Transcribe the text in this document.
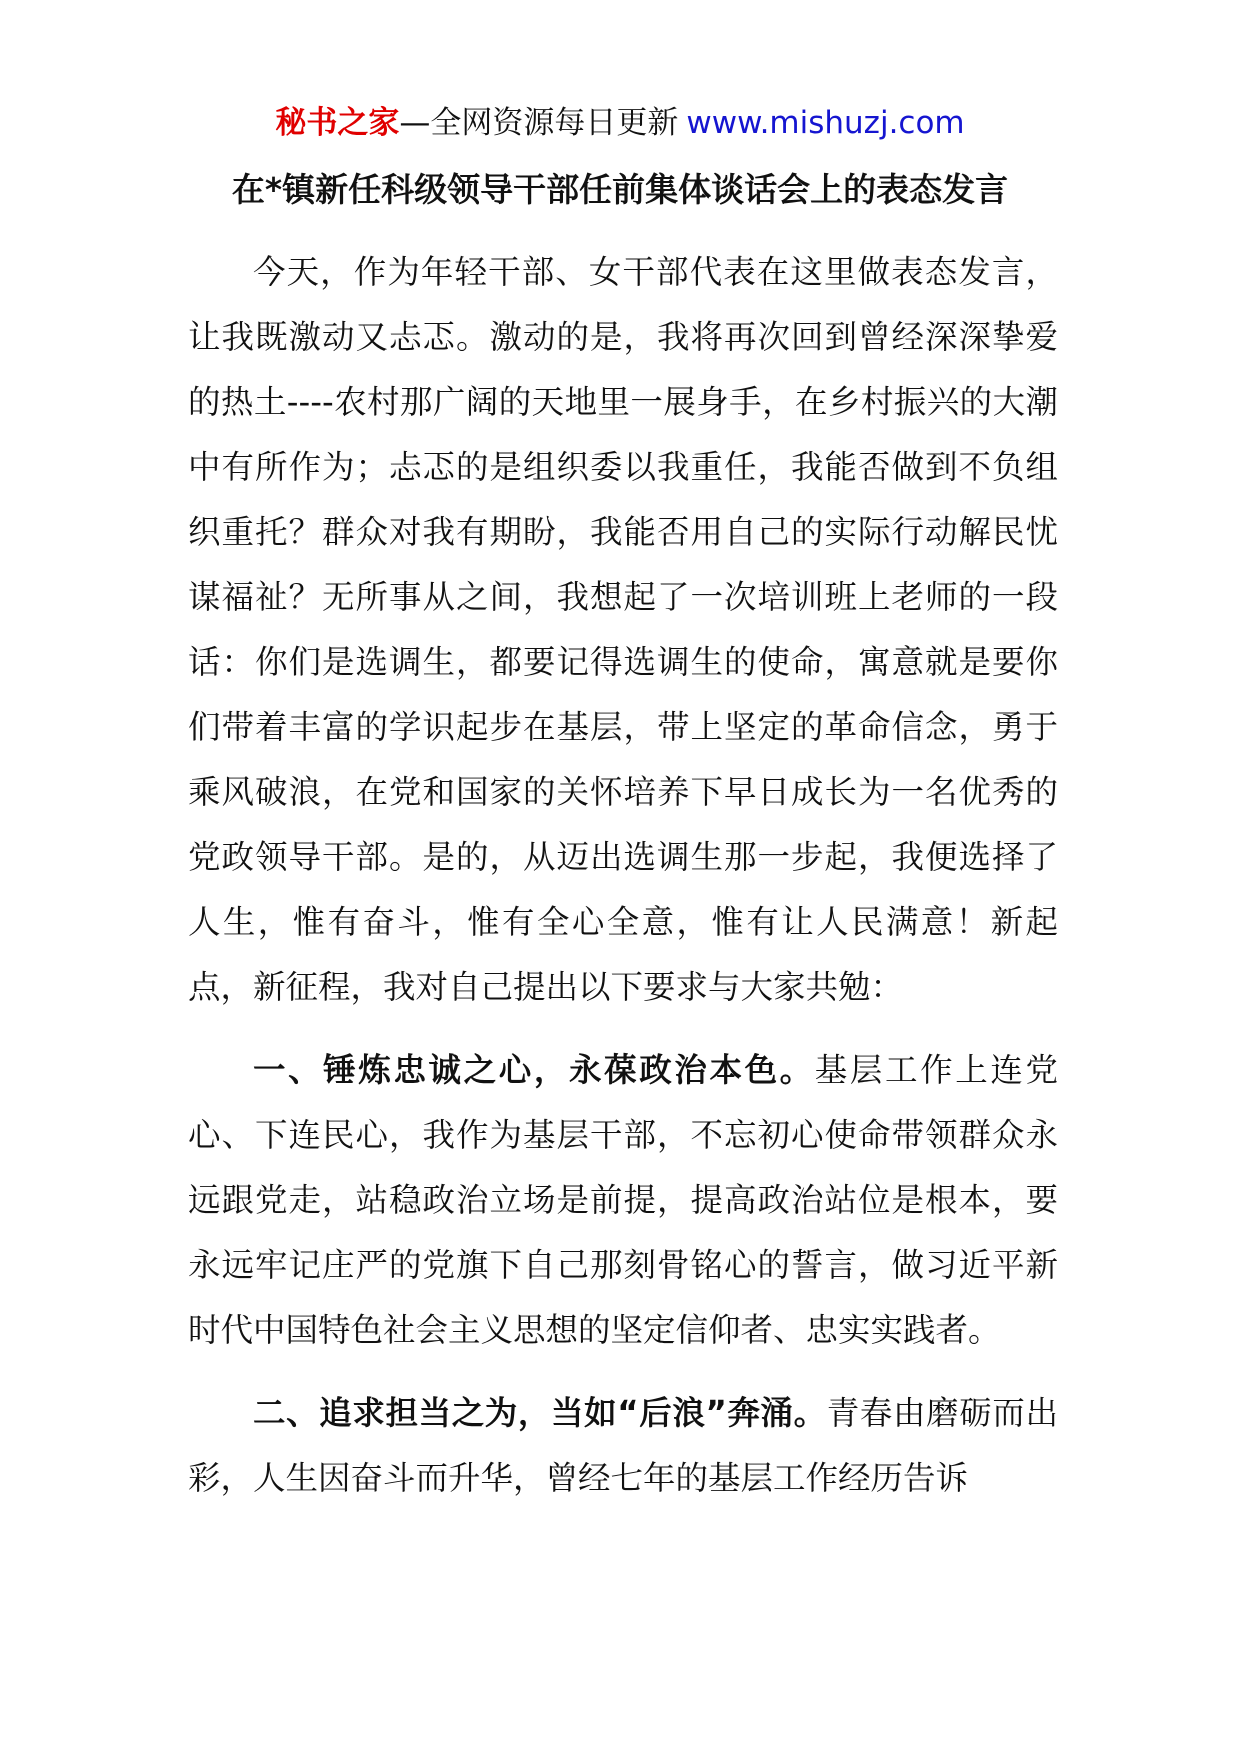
秘书之家—全网资源每日更新 www.mishuzj.com
在*镇新任科级领导干部任前集体谈话会上的表态发言

今天，作为年轻干部、女干部代表在这里做表态发言，让我既激动又忐忑。激动的是，我将再次回到曾经深深挚爱的热土----农村那广阔的天地里一展身手，在乡村振兴的大潮中有所作为；忐忑的是组织委以我重任，我能否做到不负组织重托？群众对我有期盼，我能否用自己的实际行动解民忧谋福祉？无所事从之间，我想起了一次培训班上老师的一段话：你们是选调生，都要记得选调生的使命，寓意就是要你们带着丰富的学识起步在基层，带上坚定的革命信念，勇于乘风破浪，在党和国家的关怀培养下早日成长为一名优秀的党政领导干部。是的，从迈出选调生那一步起，我便选择了人生，惟有奋斗，惟有全心全意，惟有让人民满意！新起点，新征程，我对自己提出以下要求与大家共勉：

一、锤炼忠诚之心，永葆政治本色。基层工作上连党心、下连民心，我作为基层干部，不忘初心使命带领群众永远跟党走，站稳政治立场是前提，提高政治站位是根本，要永远牢记庄严的党旗下自己那刻骨铭心的誓言，做习近平新时代中国特色社会主义思想的坚定信仰者、忠实实践者。

二、追求担当之为，当如“后浪”奔涌。青春由磨砺而出彩，人生因奋斗而升华，曾经七年的基层工作经历告诉
